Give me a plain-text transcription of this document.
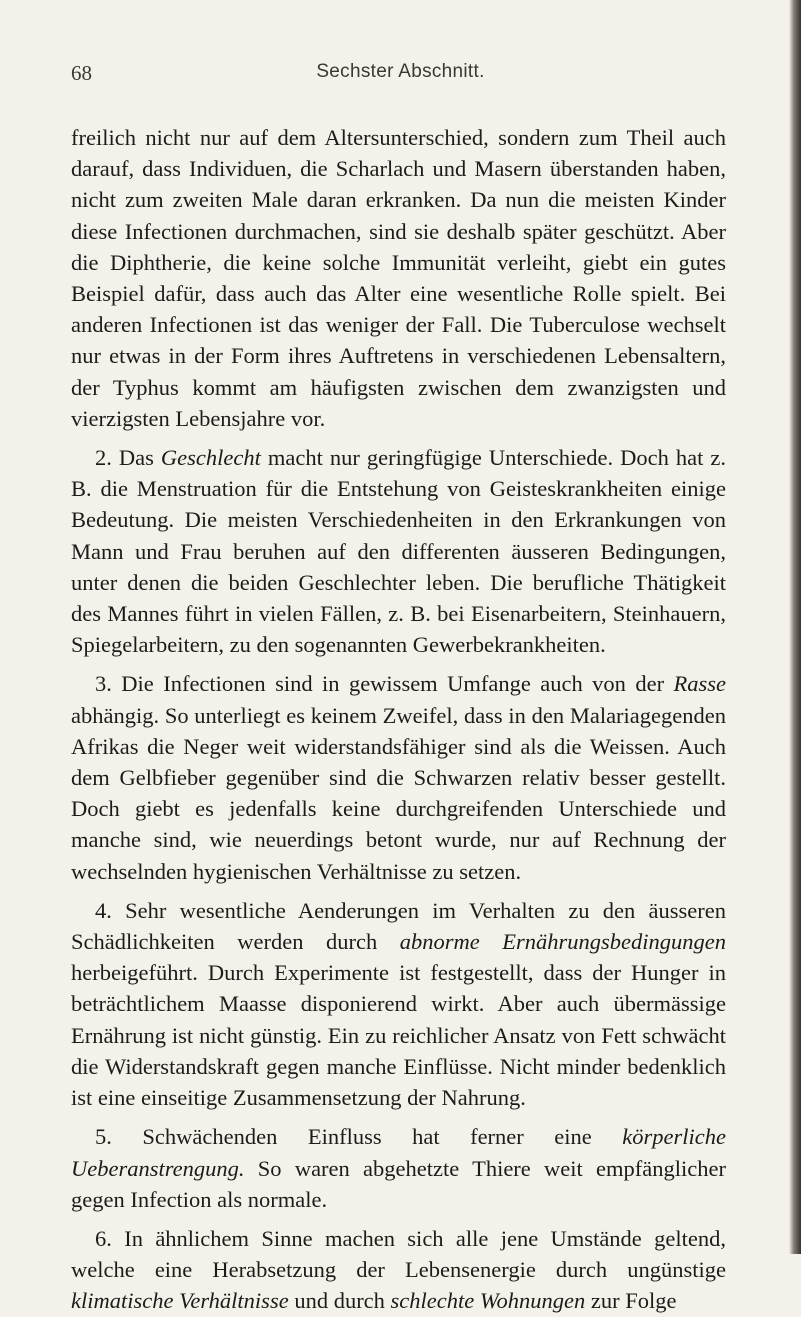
68	Sechster Abschnitt.

freilich nicht nur auf dem Altersunterschied, sondern zum Theil auch darauf, dass Individuen, die Scharlach und Masern überstanden haben, nicht zum zweiten Male daran erkranken. Da nun die meisten Kinder diese Infectionen durchmachen, sind sie deshalb später geschützt. Aber die Diphtherie, die keine solche Immunität verleiht, giebt ein gutes Beispiel dafür, dass auch das Alter eine wesentliche Rolle spielt. Bei anderen Infectionen ist das weniger der Fall. Die Tuberculose wechselt nur etwas in der Form ihres Auftretens in verschiedenen Lebensaltern, der Typhus kommt am häufigsten zwischen dem zwanzigsten und vierzigsten Lebensjahre vor.

2. Das Geschlecht macht nur geringfügige Unterschiede. Doch hat z. B. die Menstruation für die Entstehung von Geisteskrankheiten einige Bedeutung. Die meisten Verschiedenheiten in den Erkrankungen von Mann und Frau beruhen auf den differenten äusseren Bedingungen, unter denen die beiden Geschlechter leben. Die berufliche Thätigkeit des Mannes führt in vielen Fällen, z. B. bei Eisenarbeitern, Steinhauern, Spiegelarbeitern, zu den sogenannten Gewerbekrankheiten.

3. Die Infectionen sind in gewissem Umfange auch von der Rasse abhängig. So unterliegt es keinem Zweifel, dass in den Malariagegenden Afrikas die Neger weit widerstandsfähiger sind als die Weissen. Auch dem Gelbfieber gegenüber sind die Schwarzen relativ besser gestellt. Doch giebt es jedenfalls keine durchgreifenden Unterschiede und manche sind, wie neuerdings betont wurde, nur auf Rechnung der wechselnden hygienischen Verhältnisse zu setzen.

4. Sehr wesentliche Aenderungen im Verhalten zu den äusseren Schädlichkeiten werden durch abnorme Ernährungsbedingungen herbeigeführt. Durch Experimente ist festgestellt, dass der Hunger in beträchtlichem Maasse disponierend wirkt. Aber auch übermässige Ernährung ist nicht günstig. Ein zu reichlicher Ansatz von Fett schwächt die Widerstandskraft gegen manche Einflüsse. Nicht minder bedenklich ist eine einseitige Zusammensetzung der Nahrung.

5. Schwächenden Einfluss hat ferner eine körperliche Ueberanstrengung. So waren abgehetzte Thiere weit empfänglicher gegen Infection als normale.

6. In ähnlichem Sinne machen sich alle jene Umstände geltend, welche eine Herabsetzung der Lebensenergie durch ungünstige klimatische Verhältnisse und durch schlechte Wohnungen zur Folge
